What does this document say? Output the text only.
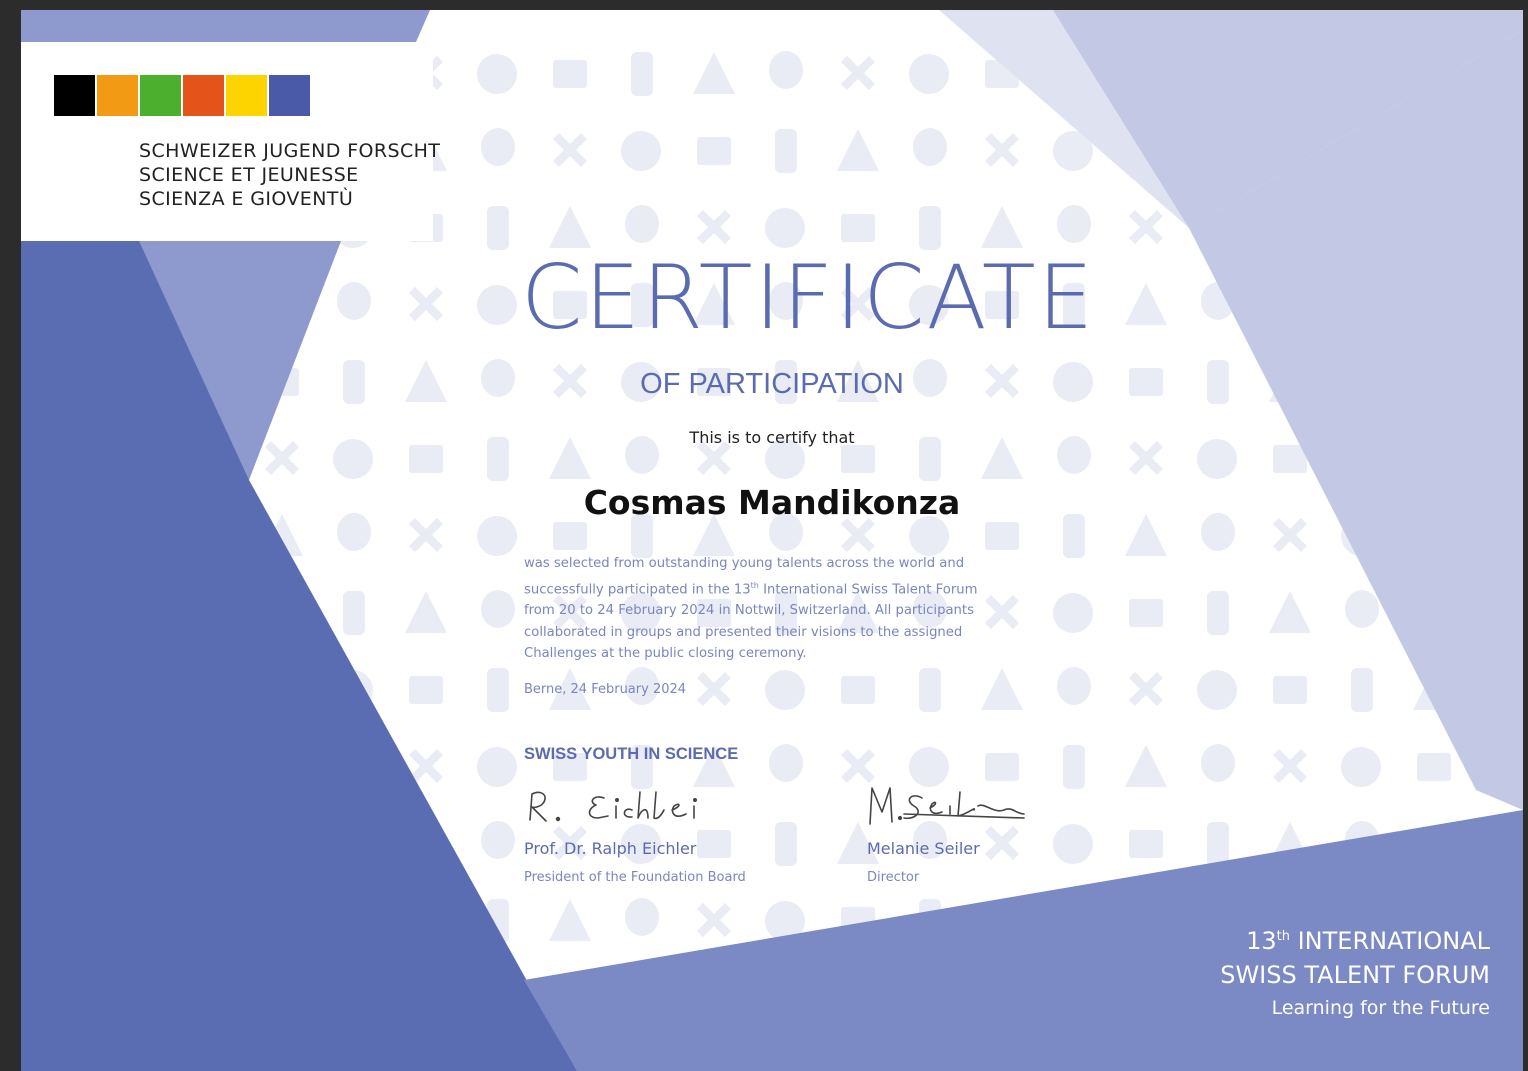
SCHWEIZER JUGEND FORSCHT
SCIENCE ET JEUNESSE
SCIENZA E GIOVENTÙ
CERTIFICATE
OF PARTICIPATION
This is to certify that
Cosmas Mandikonza
was selected from outstanding young talents across the world and successfully participated in the 13th International Swiss Talent Forum from 20 to 24 February 2024 in Nottwil, Switzerland. All participants collaborated in groups and presented their visions to the assigned Challenges at the public closing ceremony.
Berne, 24 February 2024
SWISS YOUTH IN SCIENCE
Prof. Dr. Ralph Eichler
President of the Foundation Board
Melanie Seiler
Director
13th INTERNATIONAL
SWISS TALENT FORUM
Learning for the Future
